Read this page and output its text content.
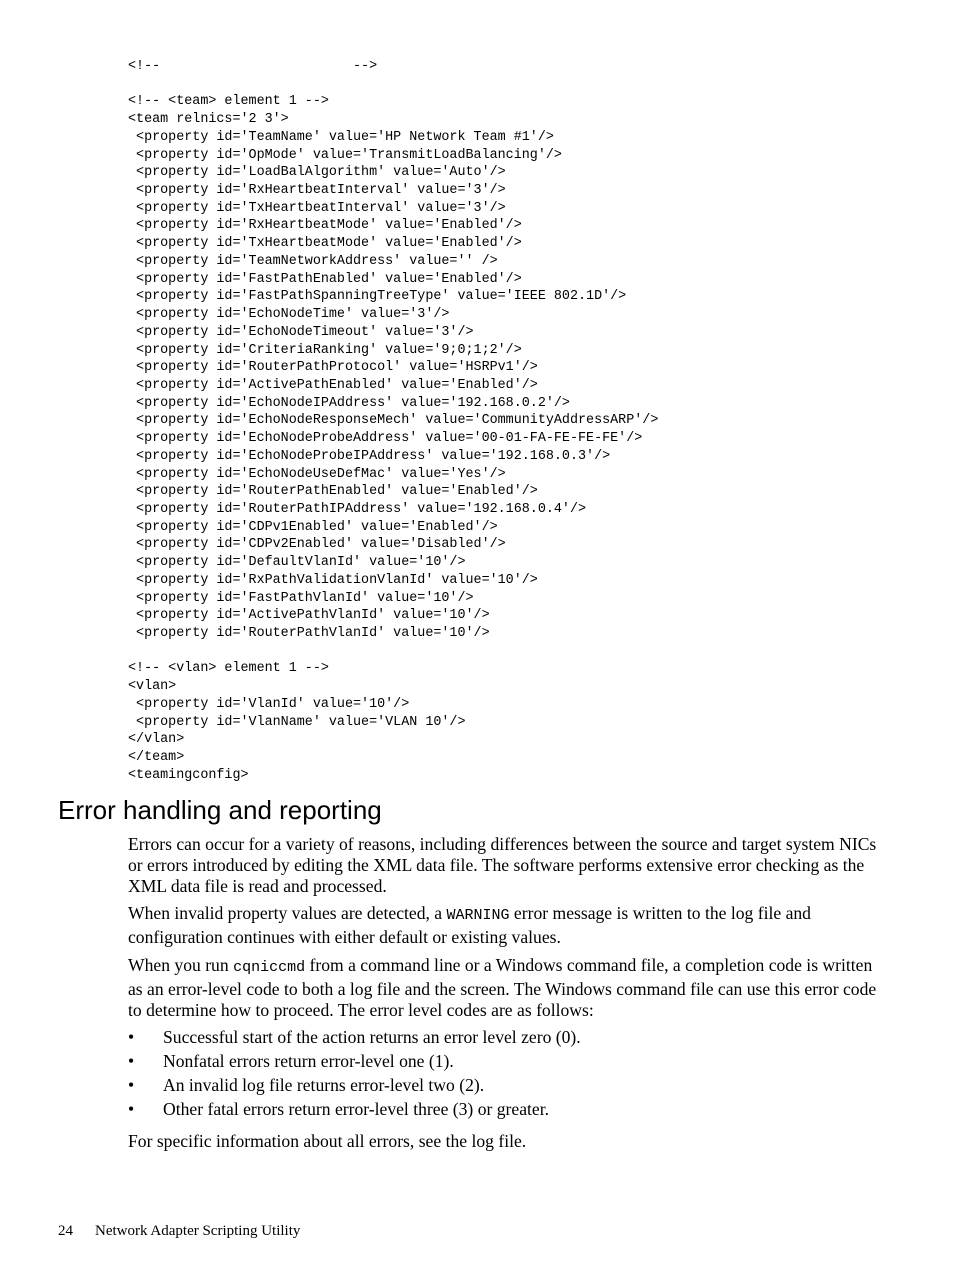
<!--                        -->
<!-- <team> element 1 -->
<team relnics='2 3'>
<property id='TeamName' value='HP Network Team #1'/>
<property id='OpMode' value='TransmitLoadBalancing'/>
<property id='LoadBalAlgorithm' value='Auto'/>
<property id='RxHeartbeatInterval' value='3'/>
<property id='TxHeartbeatInterval' value='3'/>
<property id='RxHeartbeatMode' value='Enabled'/>
<property id='TxHeartbeatMode' value='Enabled'/>
<property id='TeamNetworkAddress' value='' />
<property id='FastPathEnabled' value='Enabled'/>
<property id='FastPathSpanningTreeType' value='IEEE 802.1D'/>
<property id='EchoNodeTime' value='3'/>
<property id='EchoNodeTimeout' value='3'/>
<property id='CriteriaRanking' value='9;0;1;2'/>
<property id='RouterPathProtocol' value='HSRPv1'/>
<property id='ActivePathEnabled' value='Enabled'/>
<property id='EchoNodeIPAddress' value='192.168.0.2'/>
<property id='EchoNodeResponseMech' value='CommunityAddressARP'/>
<property id='EchoNodeProbeAddress' value='00-01-FA-FE-FE-FE'/>
<property id='EchoNodeProbeIPAddress' value='192.168.0.3'/>
<property id='EchoNodeUseDefMac' value='Yes'/>
<property id='RouterPathEnabled' value='Enabled'/>
<property id='RouterPathIPAddress' value='192.168.0.4'/>
<property id='CDPv1Enabled' value='Enabled'/>
<property id='CDPv2Enabled' value='Disabled'/>
<property id='DefaultVlanId' value='10'/>
<property id='RxPathValidationVlanId' value='10'/>
<property id='FastPathVlanId' value='10'/>
<property id='ActivePathVlanId' value='10'/>
<property id='RouterPathVlanId' value='10'/>
<!-- <vlan> element 1 -->
<vlan>
<property id='VlanId' value='10'/>
<property id='VlanName' value='VLAN 10'/>
</vlan>
</team>
<teamingconfig>
Error handling and reporting

Errors can occur for a variety of reasons, including differences between the source and target system NICs or errors introduced by editing the XML data file. The software performs extensive error checking as the XML data file is read and processed.

When invalid property values are detected, a WARNING error message is written to the log file and configuration continues with either default or existing values.

When you run cqniccmd from a command line or a Windows command file, a completion code is written as an error-level code to both a log file and the screen. The Windows command file can use this error code to determine how to proceed. The error level codes are as follows:

• Successful start of the action returns an error level zero (0).
• Nonfatal errors return error-level one (1).
• An invalid log file returns error-level two (2).
• Other fatal errors return error-level three (3) or greater.

For specific information about all errors, see the log file.

24 Network Adapter Scripting Utility
